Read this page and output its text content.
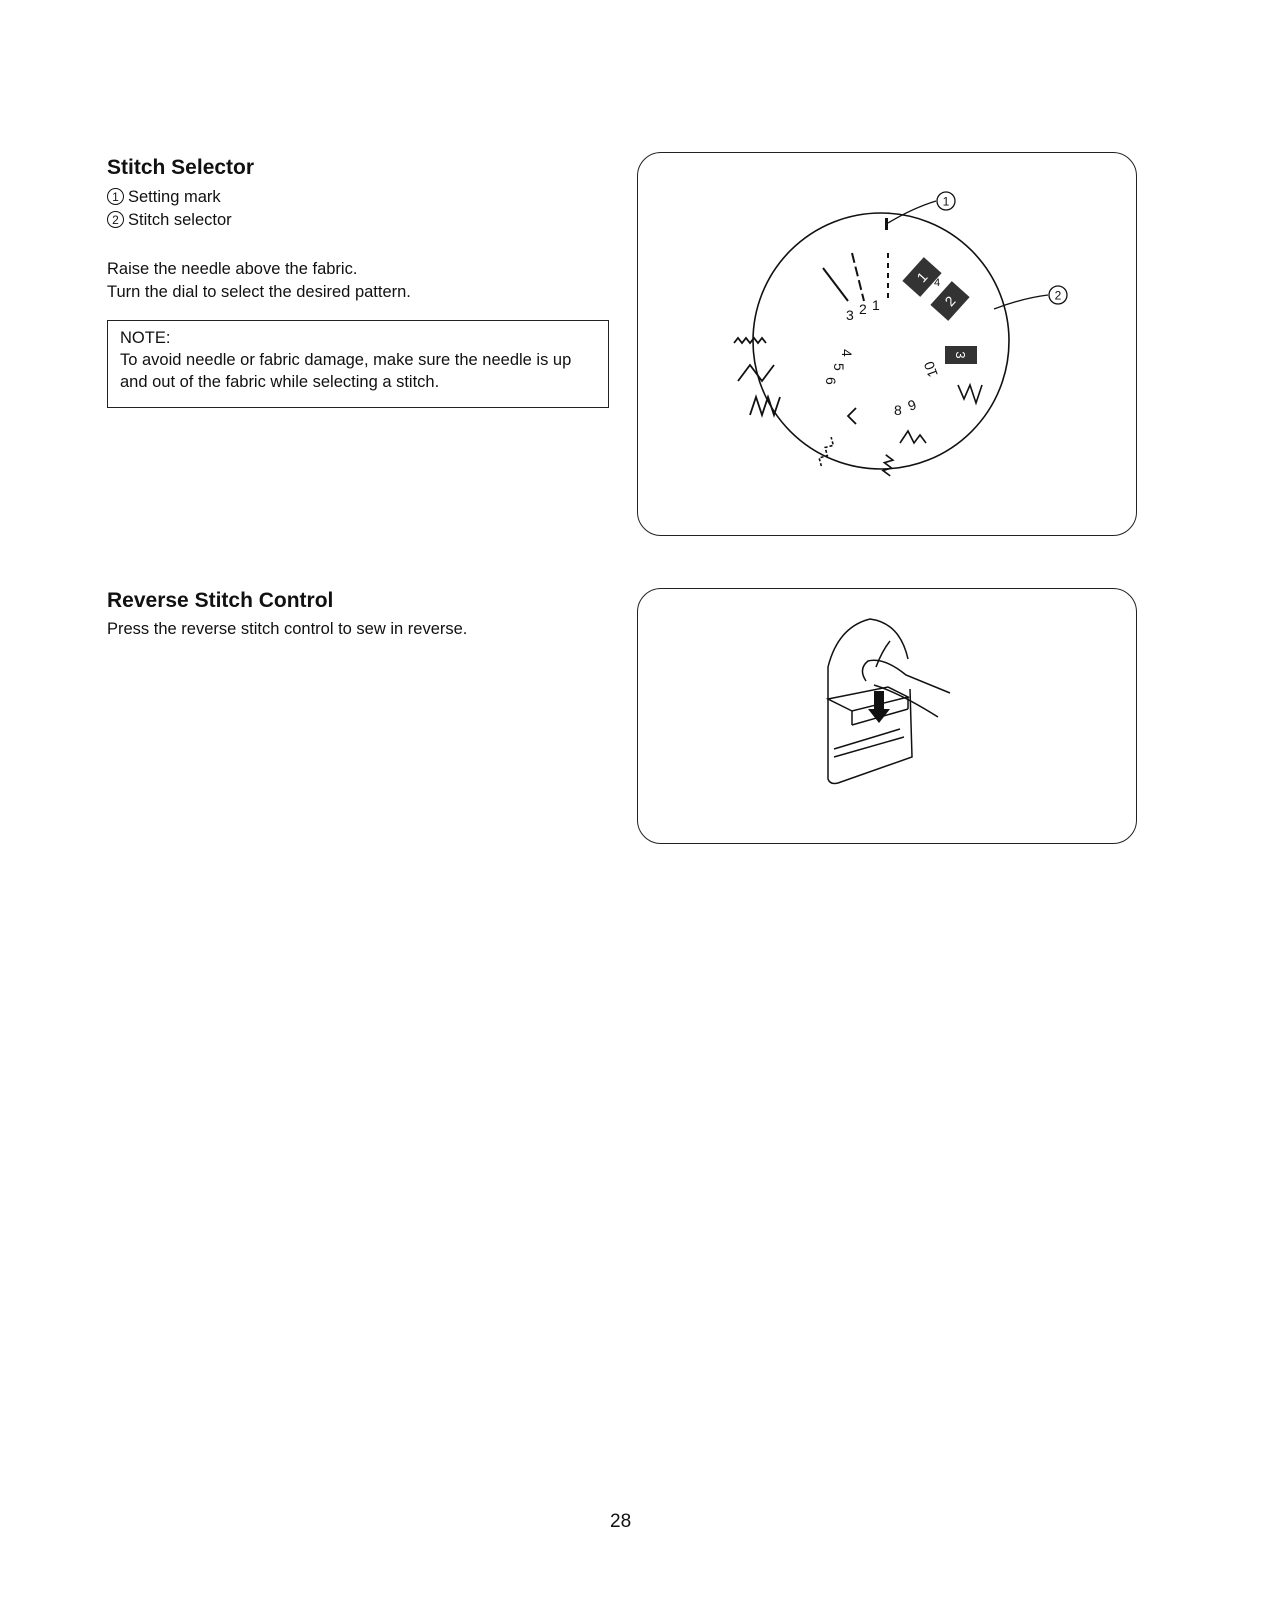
Stitch Selector
1 Setting mark
2 Stitch selector
Raise the needle above the fabric.
Turn the dial to select the desired pattern.
NOTE:
To avoid needle or fabric damage, make sure the needle is up and out of the fabric while selecting a stitch.
1
2
3 2 1
1
2
4
3
4
5
6
8 9
10
Reverse Stitch Control
Press the reverse stitch control to sew in reverse.
28
